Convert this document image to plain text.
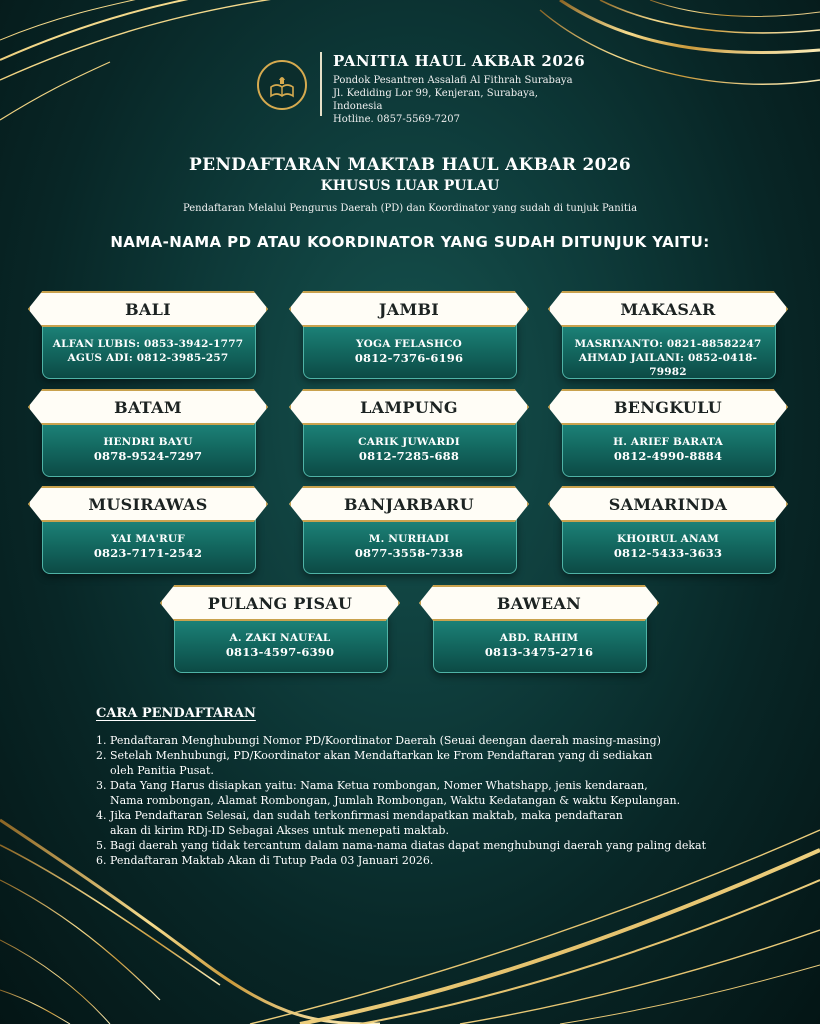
PANITIA HAUL AKBAR 2026
Pondok Pesantren Assalafi Al Fithrah Surabaya
Jl. Kediding Lor 99, Kenjeran, Surabaya, Indonesia
Hotline. 0857-5569-7207
PENDAFTARAN MAKTAB HAUL AKBAR 2026
KHUSUS LUAR PULAU
Pendaftaran Melalui Pengurus Daerah (PD) dan Koordinator yang sudah di tunjuk Panitia
NAMA-NAMA PD ATAU KOORDINATOR YANG SUDAH DITUNJUK YAITU:
BALI
ALFAN LUBIS: 0853-3942-1777
AGUS ADI: 0812-3985-257
JAMBI
YOGA FELASHCO
0812-7376-6196
MAKASAR
MASRIYANTO: 0821-88582247
AHMAD JAILANI: 0852-0418-79982
BATAM
HENDRI BAYU
0878-9524-7297
LAMPUNG
CARIK JUWARDI
0812-7285-688
BENGKULU
H. ARIEF BARATA
0812-4990-8884
MUSIRAWAS
YAI MA'RUF
0823-7171-2542
BANJARBARU
M. NURHADI
0877-3558-7338
SAMARINDA
KHOIRUL ANAM
0812-5433-3633
PULANG PISAU
A. ZAKI NAUFAL
0813-4597-6390
BAWEAN
ABD. RAHIM
0813-3475-2716
CARA PENDAFTARAN
1. Pendaftaran Menghubungi Nomor PD/Koordinator Daerah (Seuai deengan daerah masing-masing)
2. Setelah Menhubungi, PD/Koordinator akan Mendaftarkan ke From Pendaftaran yang di sediakan
oleh Panitia Pusat.
3. Data Yang Harus disiapkan yaitu: Nama Ketua rombongan, Nomer Whatshapp, jenis kendaraan,
Nama rombongan, Alamat Rombongan, Jumlah Rombongan, Waktu Kedatangan & waktu Kepulangan.
4. Jika Pendaftaran Selesai, dan sudah terkonfirmasi mendapatkan maktab, maka pendaftaran
akan di kirim RDj-ID Sebagai Akses untuk menepati maktab.
5. Bagi daerah yang tidak tercantum dalam nama-nama diatas dapat menghubungi daerah yang paling dekat
6. Pendaftaran Maktab Akan di Tutup Pada 03 Januari 2026.
